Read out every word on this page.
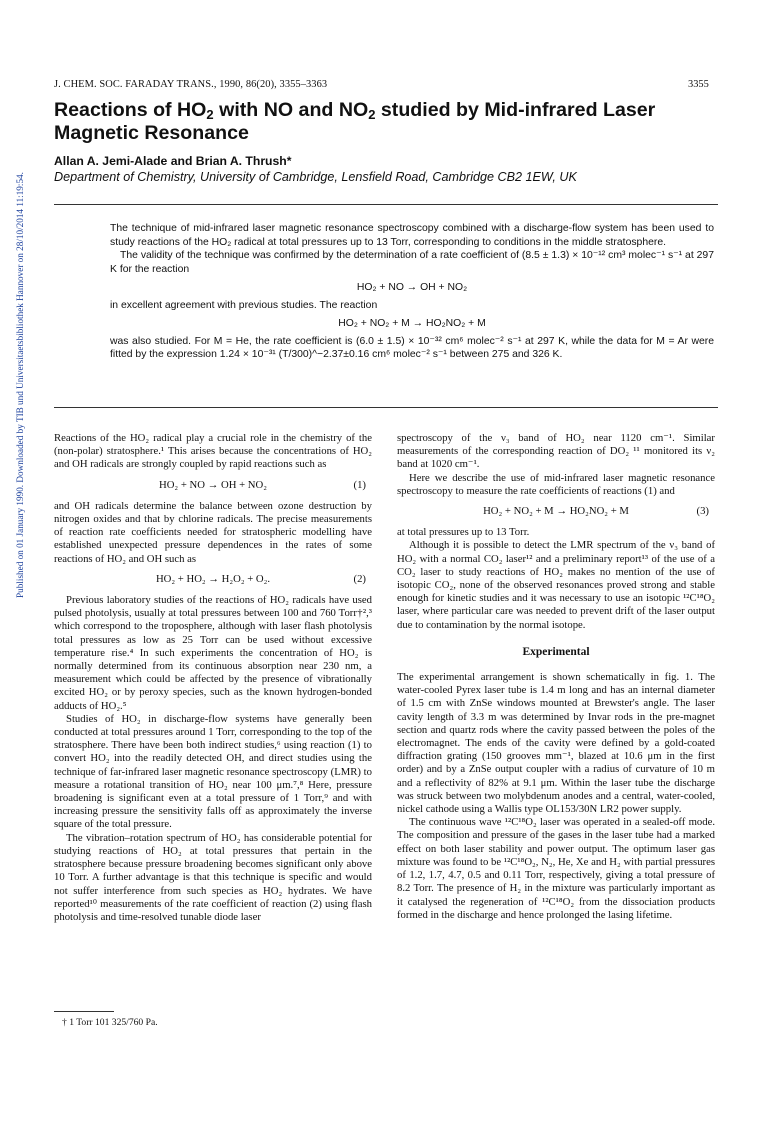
Published on 01 January 1990. Downloaded by TIB und Universitaetsbibliothek Hannover on 28/10/2014 11:19:54.
J. CHEM. SOC. FARADAY TRANS., 1990, 86(20), 3355–3363	3355
Reactions of $HO_2$ with NO and $NO_2$ studied by Mid-infrared Laser Magnetic Resonance
Allan A. Jemi-Alade and Brian A. Thrush*
Department of Chemistry, University of Cambridge, Lensfield Road, Cambridge CB2 1EW, UK

The technique of mid-infrared laser magnetic resonance spectroscopy combined with a discharge-flow system has been used to study reactions of the HO₂ radical at total pressures up to 13 Torr, corresponding to conditions in the middle stratosphere.

The validity of the technique was confirmed by the determination of a rate coefficient of (8.5 ± 1.3) × 10⁻¹² cm³ molec⁻¹ s⁻¹ at 297 K for the reaction

HO₂ + NO → OH + NO₂

in excellent agreement with previous studies. The reaction

HO₂ + NO₂ + M → HO₂NO₂ + M

was also studied. For M = He, the rate coefficient is (6.0 ± 1.5) × 10⁻³² cm⁶ molec⁻² s⁻¹ at 297 K, while the data for M = Ar were fitted by the expression 1.24 × 10⁻³¹ (T/300)^−2.37±0.16 cm⁶ molec⁻² s⁻¹ between 275 and 326 K.

Reactions of the HO₂ radical play a crucial role in the chemistry of the (non-polar) stratosphere.¹ This arises because the concentrations of HO₂ and OH radicals are strongly coupled by rapid reactions such as

HO₂ + NO → OH + NO₂	(1)

and OH radicals determine the balance between ozone destruction by nitrogen oxides and that by chlorine radicals. The precise measurements of reaction rate coefficients needed for stratospheric modelling have established unexpected pressure dependences in the rates of some reactions of HO₂ and OH such as

HO₂ + HO₂ → H₂O₂ + O₂.	(2)

Previous laboratory studies of the reactions of HO₂ radicals have used pulsed photolysis, usually at total pressures between 100 and 760 Torr†²,³ which correspond to the troposphere, although with laser flash photolysis total pressures as low as 25 Torr can be used without excessive temperature rise.⁴ In such experiments the concentration of HO₂ is normally determined from its continuous absorption near 230 nm, a measurement which could be affected by the presence of vibrationally excited HO₂ or by peroxy species, such as the known hydrogen-bonded adducts of HO₂.⁵

Studies of HO₂ in discharge-flow systems have generally been conducted at total pressures around 1 Torr, corresponding to the top of the stratosphere. There have been both indirect studies,⁶ using reaction (1) to convert HO₂ into the readily detected OH, and direct studies using the technique of far-infrared laser magnetic resonance spectroscopy (LMR) to measure a rotational transition of HO₂ near 100 μm.⁷,⁸ Here, pressure broadening is significant even at a total pressure of 1 Torr,⁹ and with increasing pressure the sensitivity falls off as approximately the inverse square of the total pressure.

The vibration–rotation spectrum of HO₂ has considerable potential for studying reactions of HO₂ at total pressures that pertain in the stratosphere because pressure broadening becomes significant only above 10 Torr. A further advantage is that this technique is specific and would not suffer interference from such species as HO₂ hydrates. We have reported¹⁰ measurements of the rate coefficient of reaction (2) using flash photolysis and time-resolved tunable diode laser

† 1 Torr 101 325/760 Pa.

spectroscopy of the ν₃ band of HO₂ near 1120 cm⁻¹. Similar measurements of the corresponding reaction of DO₂ ¹¹ monitored its ν₂ band at 1020 cm⁻¹.

Here we describe the use of mid-infrared laser magnetic resonance spectroscopy to measure the rate coefficients of reactions (1) and

HO₂ + NO₂ + M → HO₂NO₂ + M	(3)

at total pressures up to 13 Torr.

Although it is possible to detect the LMR spectrum of the ν₃ band of HO₂ with a normal CO₂ laser¹² and a preliminary report¹³ of the use of a CO₂ laser to study reactions of HO₂ makes no mention of the use of isotopic CO₂, none of the observed resonances proved strong and stable enough for kinetic studies and it was necessary to use an isotopic ¹²C¹⁸O₂ laser, where particular care was needed to prevent drift of the laser output due to contamination by the normal isotope.

Experimental

The experimental arrangement is shown schematically in fig. 1. The water-cooled Pyrex laser tube is 1.4 m long and has an internal diameter of 1.5 cm with ZnSe windows mounted at Brewster's angle. The laser cavity length of 3.3 m was determined by Invar rods in the pre-magnet section and quartz rods where the cavity passed between the poles of the electromagnet. The ends of the cavity were defined by a gold-coated diffraction grating (150 grooves mm⁻¹, blazed at 10.6 μm in the first order) and by a ZnSe output coupler with a radius of curvature of 10 m and a reflectivity of 82% at 9.1 μm. Within the laser tube the discharge was struck between two molybdenum anodes and a central, water-cooled, nickel cathode using a Wallis type OL153/30N LR2 power supply.

The continuous wave ¹²C¹⁸O₂ laser was operated in a sealed-off mode. The composition and pressure of the gases in the laser tube had a marked effect on both laser stability and power output. The optimum laser gas mixture was found to be ¹²C¹⁸O₂, N₂, He, Xe and H₂ with partial pressures of 1.2, 1.7, 4.7, 0.5 and 0.11 Torr, respectively, giving a total pressure of 8.2 Torr. The presence of H₂ in the mixture was particularly important as it catalysed the regeneration of ¹²C¹⁸O₂ from the dissociation products formed in the discharge and hence prolonged the lasing lifetime.
